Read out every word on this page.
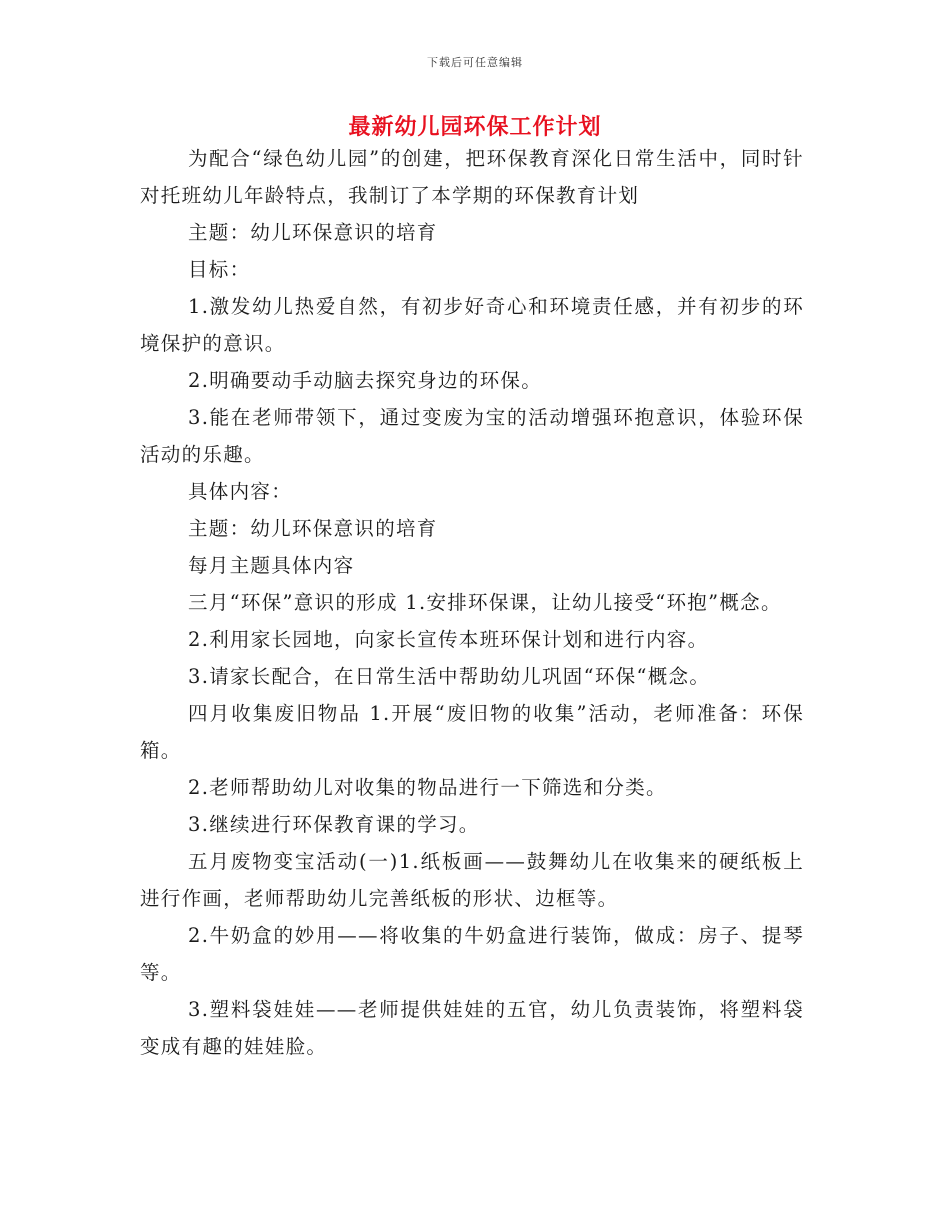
下载后可任意编辑
最新幼儿园环保工作计划

为配合“绿色幼儿园”的创建，把环保教育深化日常生活中，同时针对托班幼儿年龄特点，我制订了本学期的环保教育计划

主题：幼儿环保意识的培育

目标：

1.激发幼儿热爱自然，有初步好奇心和环境责任感，并有初步的环境保护的意识。

2.明确要动手动脑去探究身边的环保。

3.能在老师带领下，通过变废为宝的活动增强环抱意识，体验环保活动的乐趣。

具体内容：

主题：幼儿环保意识的培育

每月主题具体内容

三月“环保”意识的形成 1.安排环保课，让幼儿接受“环抱”概念。

2.利用家长园地，向家长宣传本班环保计划和进行内容。

3.请家长配合，在日常生活中帮助幼儿巩固“环保“概念。

四月收集废旧物品 1.开展“废旧物的收集”活动，老师准备：环保箱。

2.老师帮助幼儿对收集的物品进行一下筛选和分类。

3.继续进行环保教育课的学习。

五月废物变宝活动(一)1.纸板画——鼓舞幼儿在收集来的硬纸板上进行作画，老师帮助幼儿完善纸板的形状、边框等。

2.牛奶盒的妙用——将收集的牛奶盒进行装饰，做成：房子、提琴等。

3.塑料袋娃娃——老师提供娃娃的五官，幼儿负责装饰，将塑料袋变成有趣的娃娃脸。
